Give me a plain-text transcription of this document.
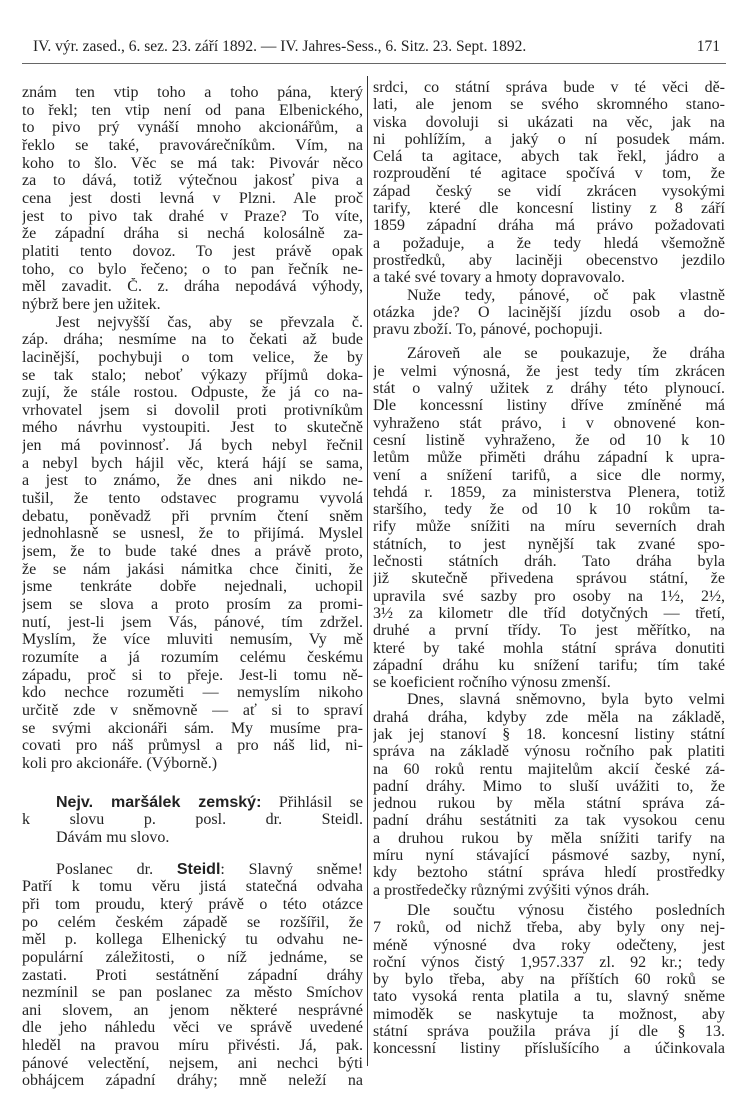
IV. výr. zased., 6. sez. 23. září 1892. — IV. Jahres-Sess., 6. Sitz. 23. Sept. 1892.	171
znám ten vtip toho a toho pána, který
to řekl; ten vtip není od pana Elbenického,
to pivo prý vynáší mnoho akcionářům, a
řeklo se také, pravovárečníkům. Vím, na
koho to šlo. Věc se má tak: Pivovár něco
za to dává, totiž výtečnou jakosť piva a
cena jest dosti levná v Plzni. Ale proč
jest to pivo tak drahé v Praze? To víte,
že západní dráha si nechá kolosálně za-
platiti tento dovoz. To jest právě opak
toho, co bylo řečeno; o to pan řečník ne-
měl zavadit. Č. z. dráha nepodává výhody,
nýbrž bere jen užitek.
Jest nejvyšší čas, aby se převzala č.
záp. dráha; nesmíme na to čekati až bude
lacinější, pochybuji o tom velice, že by
se tak stalo; neboť výkazy příjmů doka-
zují, že stále rostou. Odpuste, že já co na-
vrhovatel jsem si dovolil proti protivníkům
mého návrhu vystoupiti. Jest to skutečně
jen má povinnosť. Já bych nebyl řečnil
a nebyl bych hájil věc, která hájí se sama,
a jest to známo, že dnes ani nikdo ne-
tušil, že tento odstavec programu vyvolá
debatu, poněvadž při prvním čtení sněm
jednohlasně se usnesl, že to přijímá. Myslel
jsem, že to bude také dnes a právě proto,
že se nám jakási námitka chce činiti, že
jsme tenkráte dobře nejednali, uchopil
jsem se slova a proto prosím za promi-
nutí, jest-li jsem Vás, pánové, tím zdržel.
Myslím, že více mluviti nemusím, Vy mě
rozumíte a já rozumím celému českému
západu, proč si to přeje. Jest-li tomu ně-
kdo nechce rozuměti — nemyslím nikoho
určitě zde v sněmovně — ať si to spraví
se svými akcionáři sám. My musíme pra-
covati pro náš průmysl a pro náš lid, ni-
koli pro akcionáře. (Výborně.)
Nejv. maršálek zemský: Přihlásil se
k slovu p. posl. dr. Steidl.
Dávám mu slovo.
Poslanec dr. Steidl: Slavný sněme!
Patří k tomu věru jistá statečná odvaha
při tom proudu, který právě o této otázce
po celém českém západě se rozšířil, že
měl p. kollega Elhenický tu odvahu ne-
populární záležitosti, o níž jednáme, se
zastati. Proti sestátnění západní dráhy
nezmínil se pan poslanec za město Smíchov
ani slovem, an jenom některé nesprávné
dle jeho náhledu věci ve správě uvedené
hleděl na pravou míru přivésti. Já, pak.
pánové velectění, nejsem, ani nechci býti
obhájcem západní dráhy; mně neleží na
srdci, co státní správa bude v té věci dě-
lati, ale jenom se svého skromného stano-
viska dovoluji si ukázati na věc, jak na
ni pohlížím, a jaký o ní posudek mám.
Celá ta agitace, abych tak řekl, jádro a
rozproudění té agitace spočívá v tom, že
západ český se vidí zkrácen vysokými
tarify, které dle koncesní listiny z 8 září
1859 západní dráha má právo požadovati
a požaduje, a že tedy hledá všemožně
prostředků, aby laciněji obecenstvo jezdilo
a také své tovary a hmoty dopravovalo.
Nuže tedy, pánové, oč pak vlastně
otázka jde? O lacinější jízdu osob a do-
pravu zboží. To, pánové, pochopuji.
Zároveň ale se poukazuje, že dráha
je velmi výnosná, že jest tedy tím zkrácen
stát o valný užitek z dráhy této plynoucí.
Dle koncessní listiny dříve zmíněné má
vyhraženo stát právo, i v obnovené kon-
cesní listině vyhraženo, že od 10 k 10
letům může přiměti dráhu západní k upra-
vení a snížení tarifů, a sice dle normy,
tehdá r. 1859, za ministerstva Plenera, totiž
staršího, tedy že od 10 k 10 rokům ta-
rify může snížiti na míru severních drah
státních, to jest nynější tak zvané spo-
lečnosti státních dráh. Tato dráha byla
již skutečně přivedena správou státní, že
upravila své sazby pro osoby na 1½, 2½,
3½ za kilometr dle tříd dotyčných — třetí,
druhé a první třídy. To jest měřítko, na
které by také mohla státní správa donutiti
západní dráhu ku snížení tarifu; tím také
se koeficient ročního výnosu zmenší.
Dnes, slavná sněmovno, byla byto velmi
drahá dráha, kdyby zde měla na základě,
jak jej stanoví § 18. koncesní listiny státní
správa na základě výnosu ročního pak platiti
na 60 roků rentu majitelům akcií české zá-
padní dráhy. Mimo to sluší uvážiti to, že
jednou rukou by měla státní správa zá-
padní dráhu sestátniti za tak vysokou cenu
a druhou rukou by měla snížiti tarify na
míru nyní stávající pásmové sazby, nyní,
kdy beztoho státní správa hledí prostředky
a prostředečky různými zvýšiti výnos dráh.
Dle součtu výnosu čistého posledních
7 roků, od nichž třeba, aby byly ony nej-
méně výnosné dva roky odečteny, jest
roční výnos čistý 1,957.337 zl. 92 kr.; tedy
by bylo třeba, aby na příštích 60 roků se
tato vysoká renta platila a tu, slavný sněme
mimoděk se naskytuje ta možnost, aby
státní správa použila práva jí dle § 13.
koncessní listiny příslušícího a účinkovala
